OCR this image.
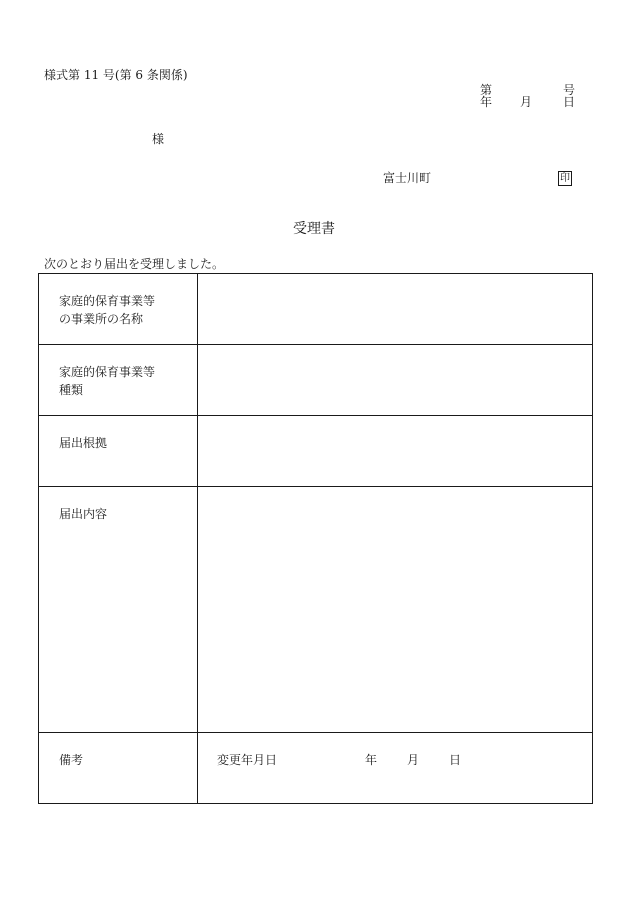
様式第 11 号(第 6 条関係)
第	号
年 月	日
様
富士川町	印
受理書
次のとおり届出を受理しました。
家庭的保育事業等
の事業所の名称	

家庭的保育事業等
種類	

届出根拠	

届出内容	

備考	変更年月日 年 月 日
